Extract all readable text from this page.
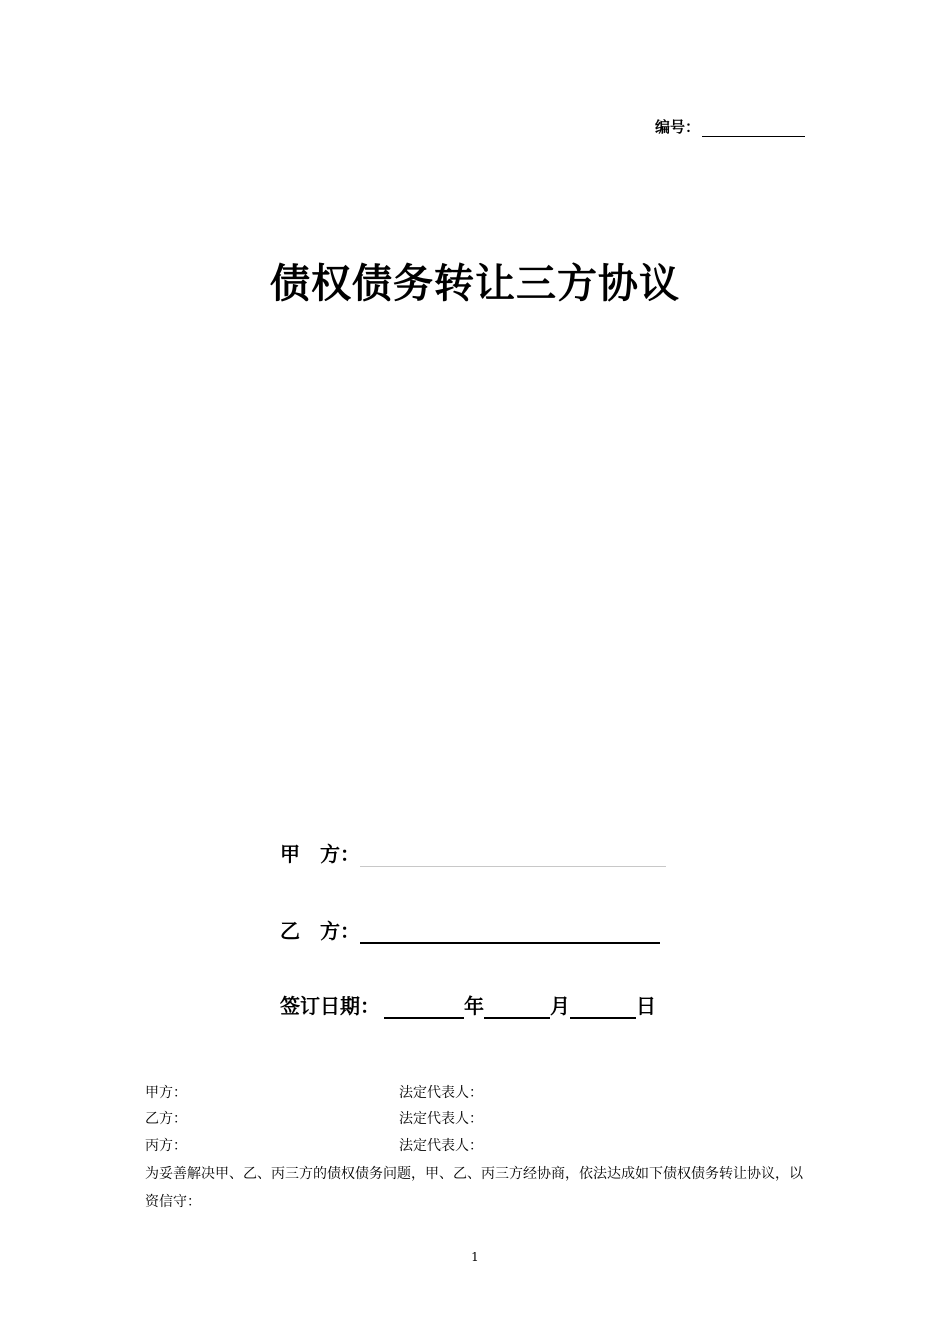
编号：
债权债务转让三方协议
甲　方：
乙　方：
签订日期：	年	月	日
甲方：	法定代表人：
乙方：	法定代表人：
丙方：	法定代表人：
为妥善解决甲、乙、丙三方的债权债务问题，甲、乙、丙三方经协商，依法达成如下债权债务转让协议，以资信守：
1
